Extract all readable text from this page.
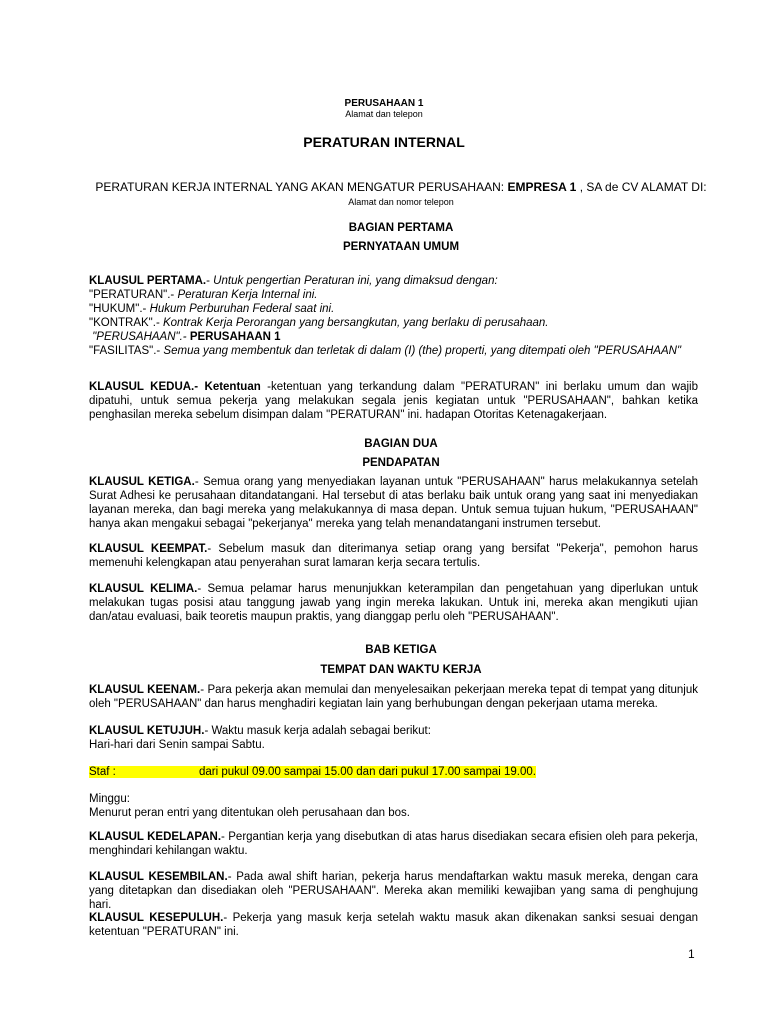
PERUSAHAAN 1
Alamat dan telepon
PERATURAN INTERNAL
PERATURAN KERJA INTERNAL YANG AKAN MENGATUR PERUSAHAAN: EMPRESA 1 , SA de CV ALAMAT DI: Alamat dan nomor telepon
BAGIAN PERTAMA
PERNYATAAN UMUM

KLAUSUL PERTAMA.- Untuk pengertian Peraturan ini, yang dimaksud dengan:

"PERATURAN".- Peraturan Kerja Internal ini.

"HUKUM".- Hukum Perburuhan Federal saat ini.

"KONTRAK".- Kontrak Kerja Perorangan yang bersangkutan, yang berlaku di perusahaan.

"PERUSAHAAN".- PERUSAHAAN 1

"FASILITAS".- Semua yang membentuk dan terletak di dalam (I) (the) properti, yang ditempati oleh "PERUSAHAAN"

KLAUSUL KEDUA.- Ketentuan -ketentuan yang terkandung dalam "PERATURAN" ini berlaku umum dan wajib dipatuhi, untuk semua pekerja yang melakukan segala jenis kegiatan untuk "PERUSAHAAN", bahkan ketika penghasilan mereka sebelum disimpan dalam "PERATURAN" ini. hadapan Otoritas Ketenagakerjaan.

BAGIAN DUA
PENDAPATAN

KLAUSUL KETIGA.- Semua orang yang menyediakan layanan untuk "PERUSAHAAN" harus melakukannya setelah Surat Adhesi ke perusahaan ditandatangani. Hal tersebut di atas berlaku baik untuk orang yang saat ini menyediakan layanan mereka, dan bagi mereka yang melakukannya di masa depan. Untuk semua tujuan hukum, "PERUSAHAAN" hanya akan mengakui sebagai "pekerjanya" mereka yang telah menandatangani instrumen tersebut.

KLAUSUL KEEMPAT.- Sebelum masuk dan diterimanya setiap orang yang bersifat "Pekerja", pemohon harus memenuhi kelengkapan atau penyerahan surat lamaran kerja secara tertulis.

KLAUSUL KELIMA.- Semua pelamar harus menunjukkan keterampilan dan pengetahuan yang diperlukan untuk melakukan tugas posisi atau tanggung jawab yang ingin mereka lakukan. Untuk ini, mereka akan mengikuti ujian dan/atau evaluasi, baik teoretis maupun praktis, yang dianggap perlu oleh "PERUSAHAAN".

BAB KETIGA
TEMPAT DAN WAKTU KERJA

KLAUSUL KEENAM.- Para pekerja akan memulai dan menyelesaikan pekerjaan mereka tepat di tempat yang ditunjuk oleh "PERUSAHAAN" dan harus menghadiri kegiatan lain yang berhubungan dengan pekerjaan utama mereka.

KLAUSUL KETUJUH.- Waktu masuk kerja adalah sebagai berikut:

Hari-hari dari Senin sampai Sabtu.

Staf :	dari pukul 09.00 sampai 15.00 dan dari pukul 17.00 sampai 19.00.

Minggu:

Menurut peran entri yang ditentukan oleh perusahaan dan bos.

KLAUSUL KEDELAPAN.- Pergantian kerja yang disebutkan di atas harus disediakan secara efisien oleh para pekerja, menghindari kehilangan waktu.

KLAUSUL KESEMBILAN.- Pada awal shift harian, pekerja harus mendaftarkan waktu masuk mereka, dengan cara yang ditetapkan dan disediakan oleh "PERUSAHAAN". Mereka akan memiliki kewajiban yang sama di penghujung hari.

KLAUSUL KESEPULUH.- Pekerja yang masuk kerja setelah waktu masuk akan dikenakan sanksi sesuai dengan ketentuan "PERATURAN" ini.

1
